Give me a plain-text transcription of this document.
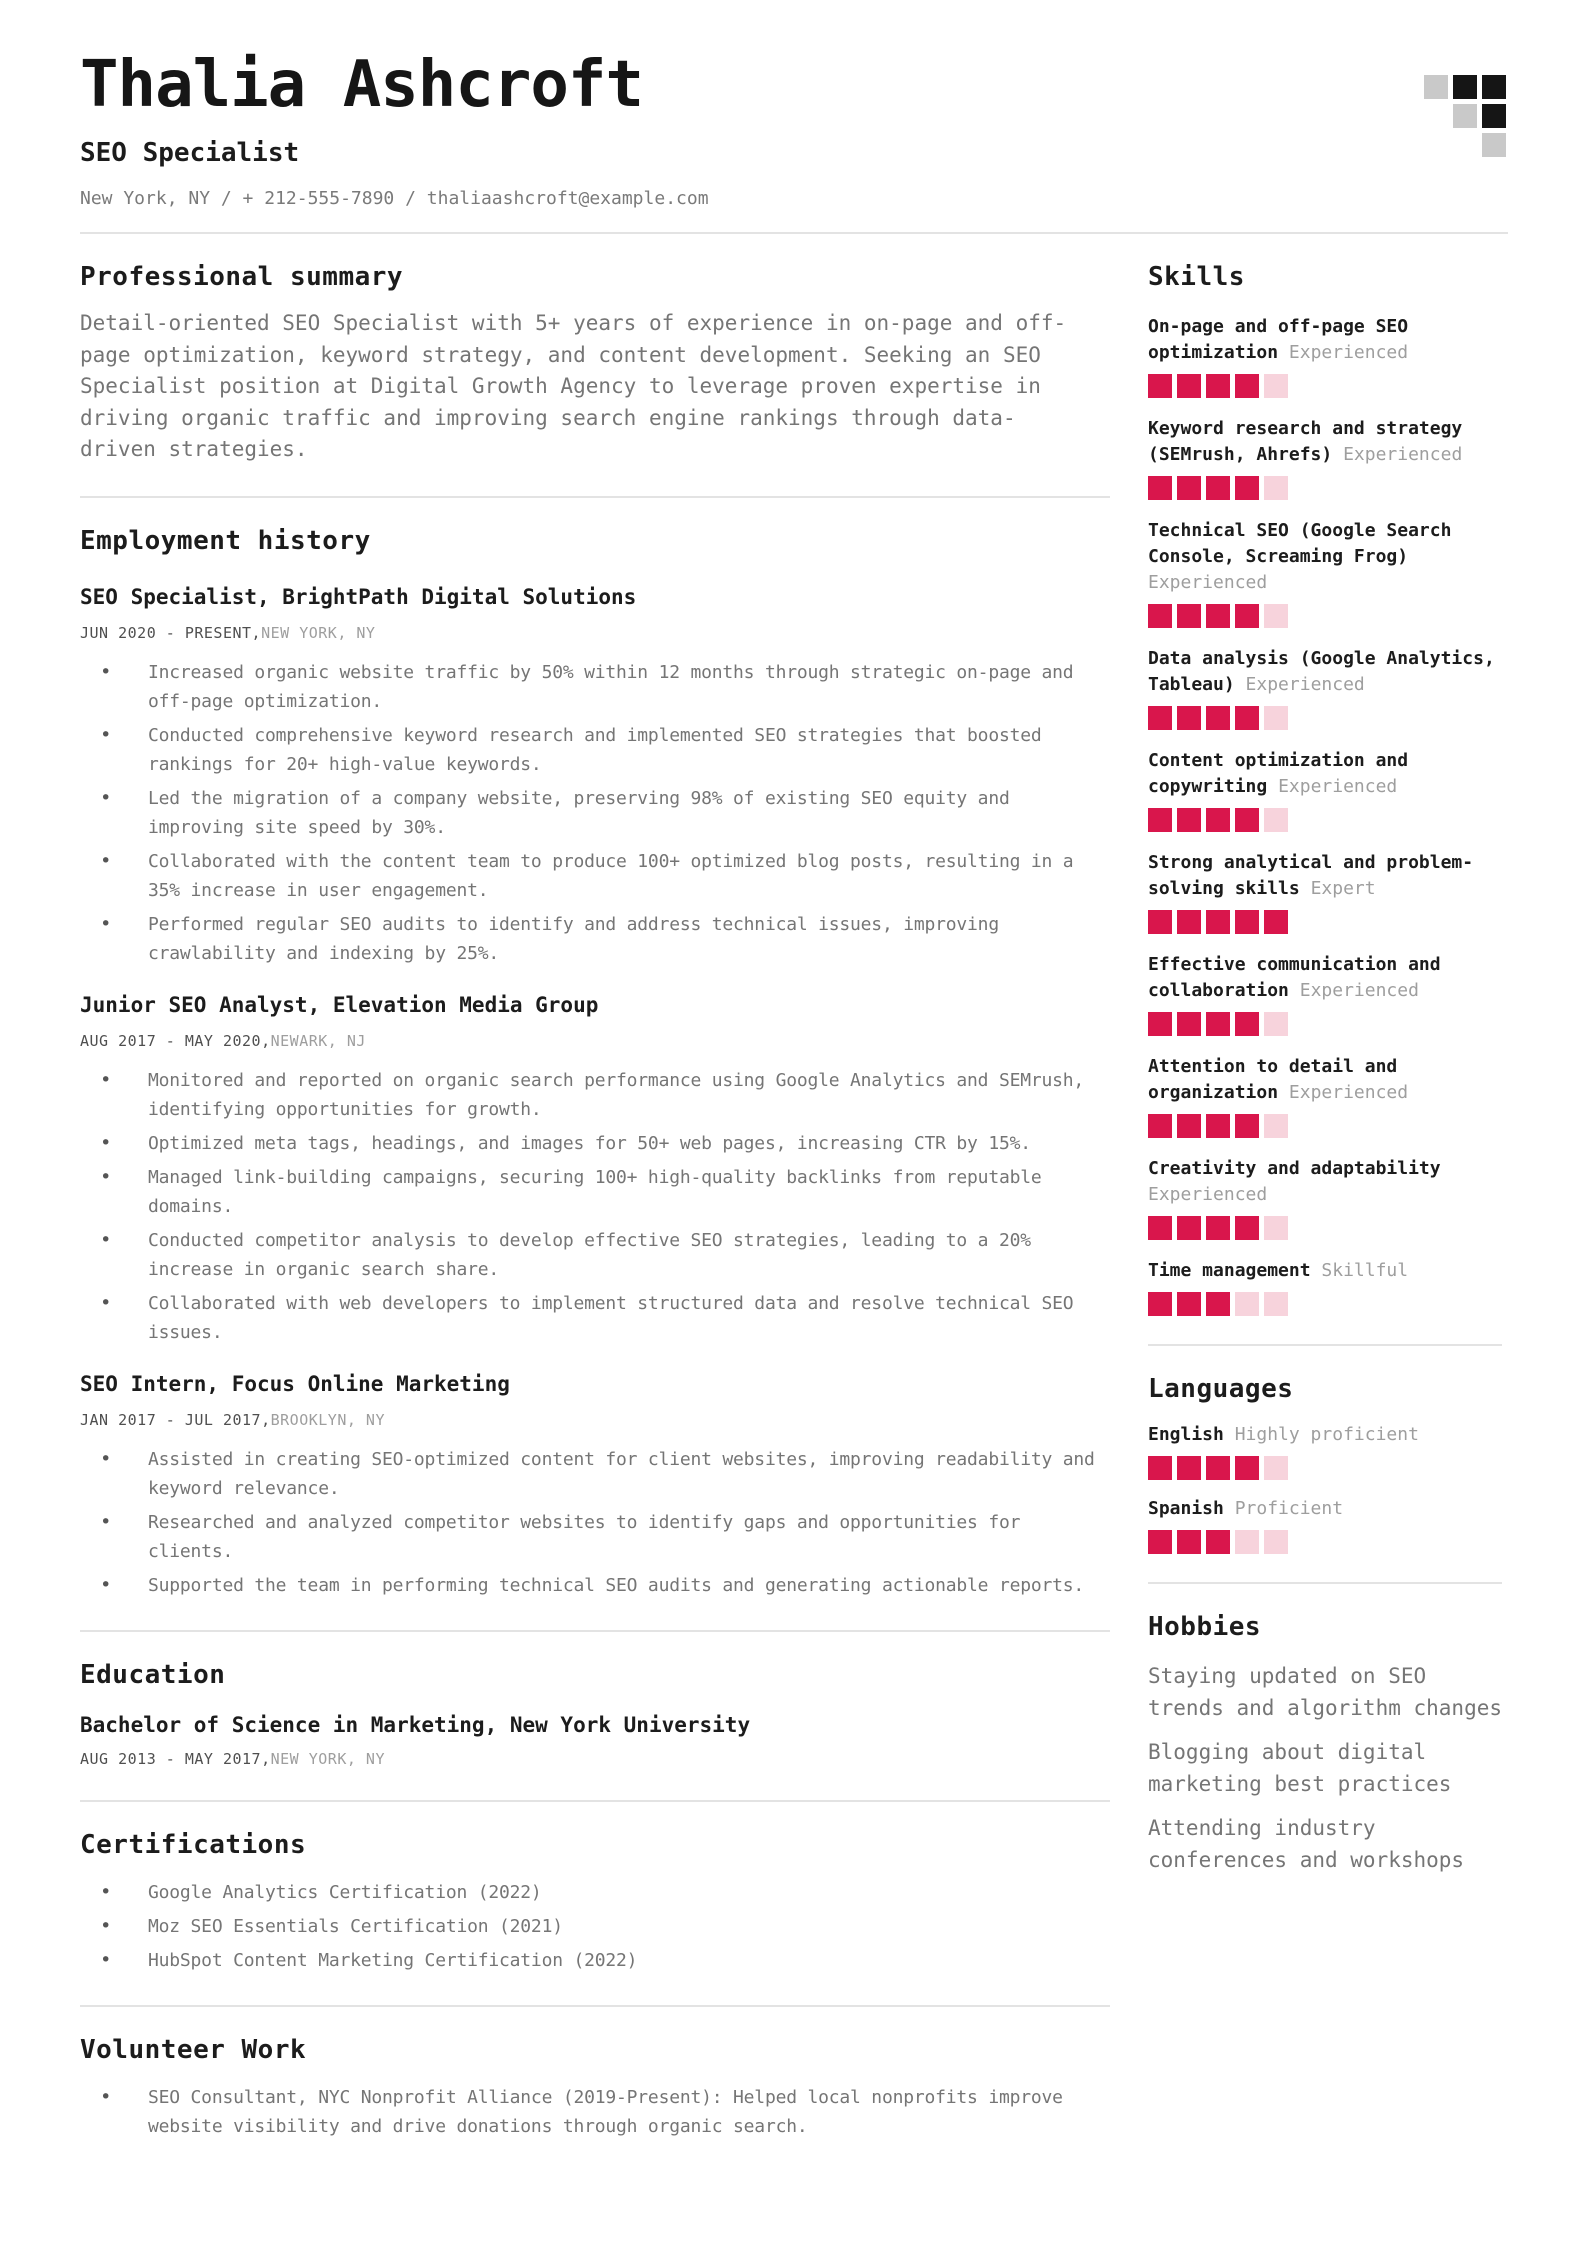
Thalia Ashcroft
SEO Specialist
New York, NY / + 212-555-7890 / thaliaashcroft@example.com
Professional summary
Detail-oriented SEO Specialist with 5+ years of experience in on-page and off-page optimization, keyword strategy, and content development. Seeking an SEO Specialist position at Digital Growth Agency to leverage proven expertise in driving organic traffic and improving search engine rankings through data-driven strategies.
Employment history
SEO Specialist, BrightPath Digital Solutions
JUN 2020 - PRESENT,NEW YORK, NY
• Increased organic website traffic by 50% within 12 months through strategic on-page and off-page optimization.
• Conducted comprehensive keyword research and implemented SEO strategies that boosted rankings for 20+ high-value keywords.
• Led the migration of a company website, preserving 98% of existing SEO equity and improving site speed by 30%.
• Collaborated with the content team to produce 100+ optimized blog posts, resulting in a 35% increase in user engagement.
• Performed regular SEO audits to identify and address technical issues, improving crawlability and indexing by 25%.
Junior SEO Analyst, Elevation Media Group
AUG 2017 - MAY 2020,NEWARK, NJ
• Monitored and reported on organic search performance using Google Analytics and SEMrush, identifying opportunities for growth.
• Optimized meta tags, headings, and images for 50+ web pages, increasing CTR by 15%.
• Managed link-building campaigns, securing 100+ high-quality backlinks from reputable domains.
• Conducted competitor analysis to develop effective SEO strategies, leading to a 20% increase in organic search share.
• Collaborated with web developers to implement structured data and resolve technical SEO issues.
SEO Intern, Focus Online Marketing
JAN 2017 - JUL 2017,BROOKLYN, NY
• Assisted in creating SEO-optimized content for client websites, improving readability and keyword relevance.
• Researched and analyzed competitor websites to identify gaps and opportunities for clients.
• Supported the team in performing technical SEO audits and generating actionable reports.
Education
Bachelor of Science in Marketing, New York University
AUG 2013 - MAY 2017,NEW YORK, NY
Certifications
• Google Analytics Certification (2022)
• Moz SEO Essentials Certification (2021)
• HubSpot Content Marketing Certification (2022)
Volunteer Work
• SEO Consultant, NYC Nonprofit Alliance (2019-Present): Helped local nonprofits improve website visibility and drive donations through organic search.
Skills
On-page and off-page SEO optimization Experienced
Keyword research and strategy (SEMrush, Ahrefs) Experienced
Technical SEO (Google Search Console, Screaming Frog) Experienced
Data analysis (Google Analytics, Tableau) Experienced
Content optimization and copywriting Experienced
Strong analytical and problem-solving skills Expert
Effective communication and collaboration Experienced
Attention to detail and organization Experienced
Creativity and adaptability Experienced
Time management Skillful
Languages
English Highly proficient
Spanish Proficient
Hobbies
Staying updated on SEO trends and algorithm changes
Blogging about digital marketing best practices
Attending industry conferences and workshops
